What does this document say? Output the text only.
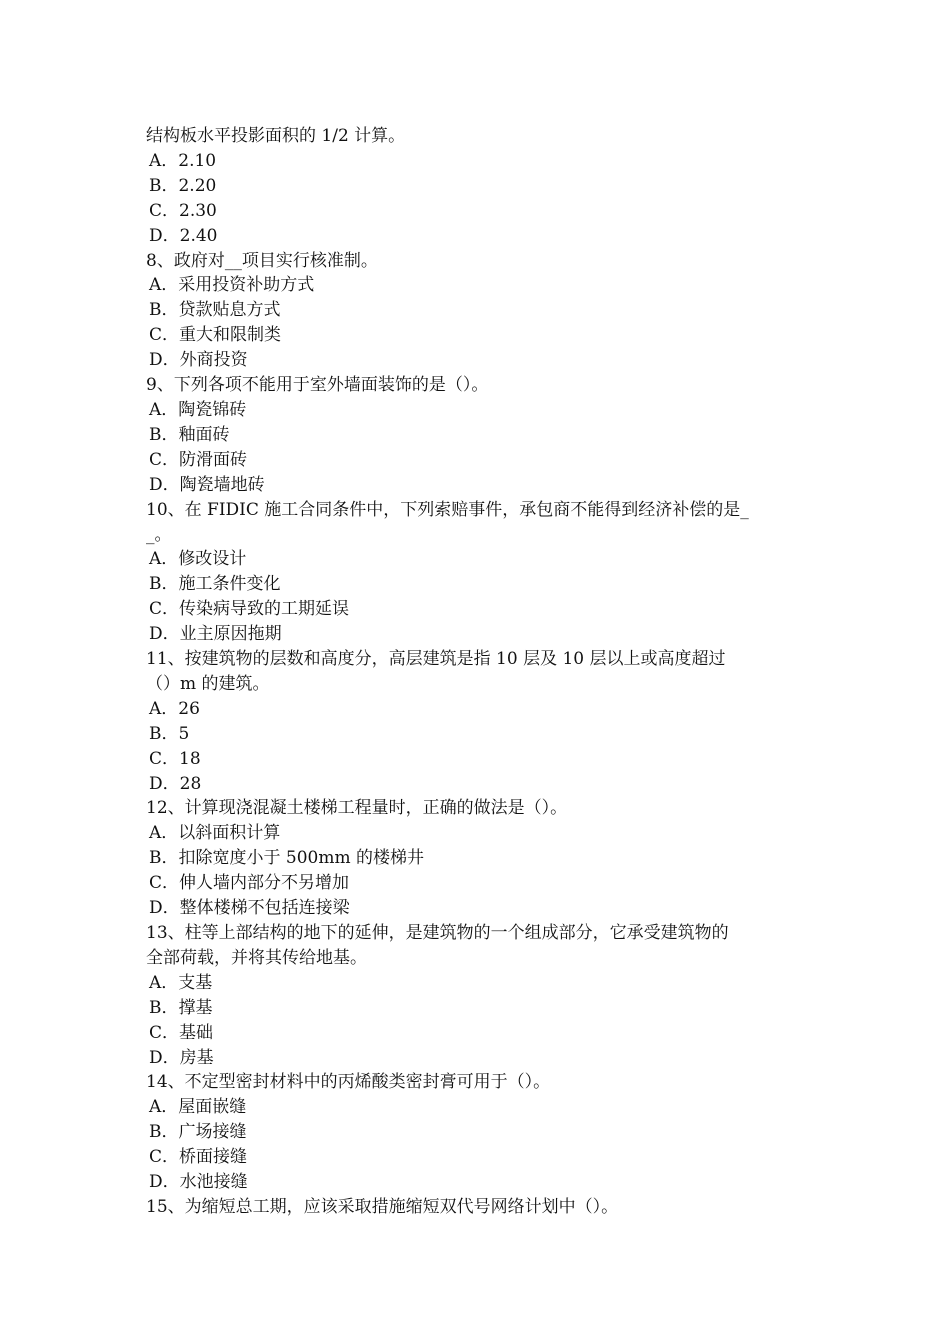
结构板水平投影面积的 1/2 计算。
A．2.10
B．2.20
C．2.30
D．2.40
8、政府对__项目实行核准制。
A．采用投资补助方式
B．贷款贴息方式
C．重大和限制类
D．外商投资
9、下列各项不能用于室外墙面装饰的是（）。
A．陶瓷锦砖
B．釉面砖
C．防滑面砖
D．陶瓷墙地砖
10、在 FIDIC 施工合同条件中，下列索赔事件，承包商不能得到经济补偿的是_
_。
A．修改设计
B．施工条件变化
C．传染病导致的工期延误
D．业主原因拖期
11、按建筑物的层数和高度分，高层建筑是指 10 层及 10 层以上或高度超过
（）m 的建筑。
A．26
B．5
C．18
D．28
12、计算现浇混凝土楼梯工程量时，正确的做法是（）。
A．以斜面积计算
B．扣除宽度小于 500mm 的楼梯井
C．伸人墙内部分不另增加
D．整体楼梯不包括连接梁
13、柱等上部结构的地下的延伸，是建筑物的一个组成部分，它承受建筑物的
全部荷载，并将其传给地基。
A．支基
B．撑基
C．基础
D．房基
14、不定型密封材料中的丙烯酸类密封膏可用于（）。
A．屋面嵌缝
B．广场接缝
C．桥面接缝
D．水池接缝
15、为缩短总工期，应该采取措施缩短双代号网络计划中（）。
